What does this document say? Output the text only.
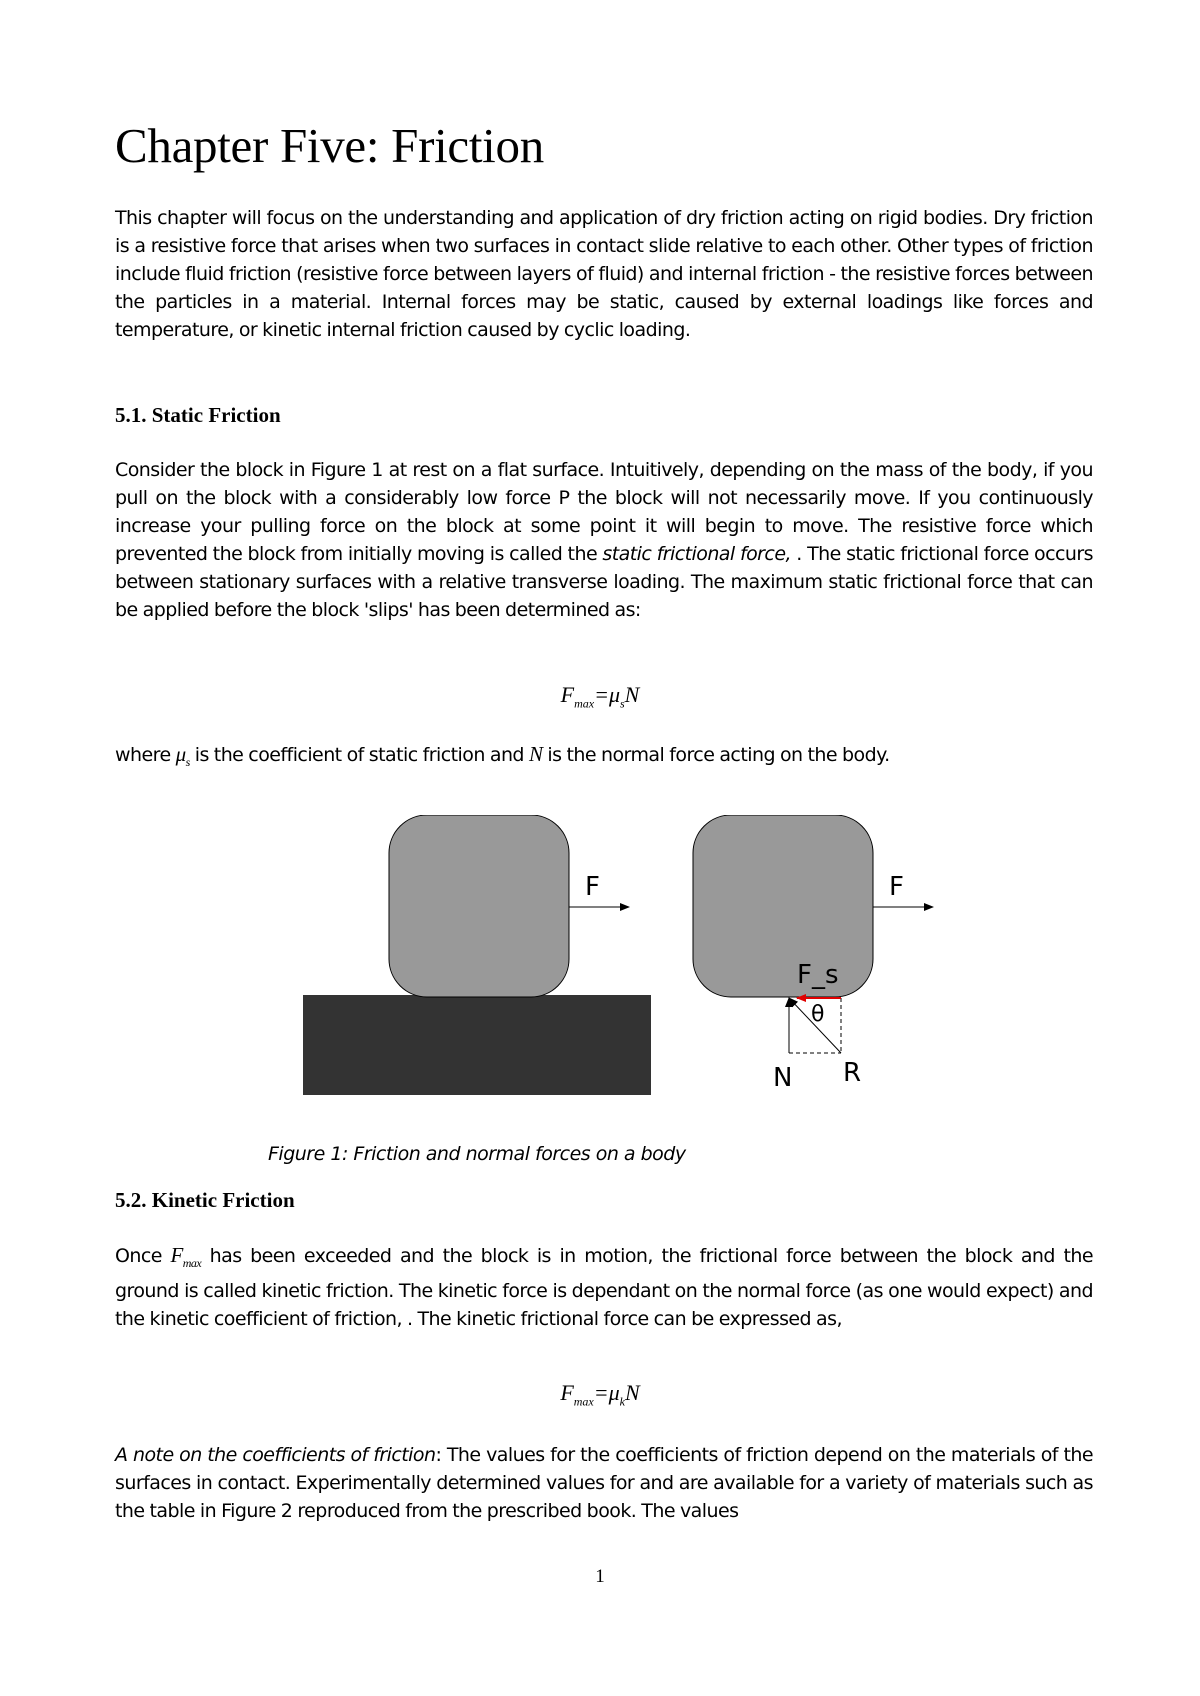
Chapter Five: Friction

This chapter will focus on the understanding and application of dry friction acting on rigid bodies. Dry friction is a resistive force that arises when two surfaces in contact slide relative to each other. Other types of friction include fluid friction (resistive force between layers of fluid) and internal friction - the resistive forces between the particles in a material. Internal forces may be static, caused by external loadings like forces and temperature, or kinetic internal friction caused by cyclic loading.

5.1. Static Friction

Consider the block in Figure 1 at rest on a flat surface. Intuitively, depending on the mass of the body, if you pull on the block with a considerably low force P the block will not necessarily move. If you continuously increase your pulling force on the block at some point it will begin to move. The resistive force which prevented the block from initially moving is called the static frictional force, . The static frictional force occurs between stationary surfaces with a relative transverse loading. The maximum static frictional force that can be applied before the block 'slips' has been determined as:

$F_{max}=\mu_sN$

where $\mu_s$ is the coefficient of static friction and N is the normal force acting on the body.

F	F
F_s
θ
N R

Figure 1: Friction and normal forces on a body

5.2. Kinetic Friction

Once $F_{max}$ has been exceeded and the block is in motion, the frictional force between the block and the ground is called kinetic friction. The kinetic force is dependant on the normal force (as one would expect) and the kinetic coefficient of friction, . The kinetic frictional force can be expressed as,

$F_{max}=\mu_kN$

A note on the coefficients of friction: The values for the coefficients of friction depend on the materials of the surfaces in contact. Experimentally determined values for and are available for a variety of materials such as the table in Figure 2 reproduced from the prescribed book. The values

1
